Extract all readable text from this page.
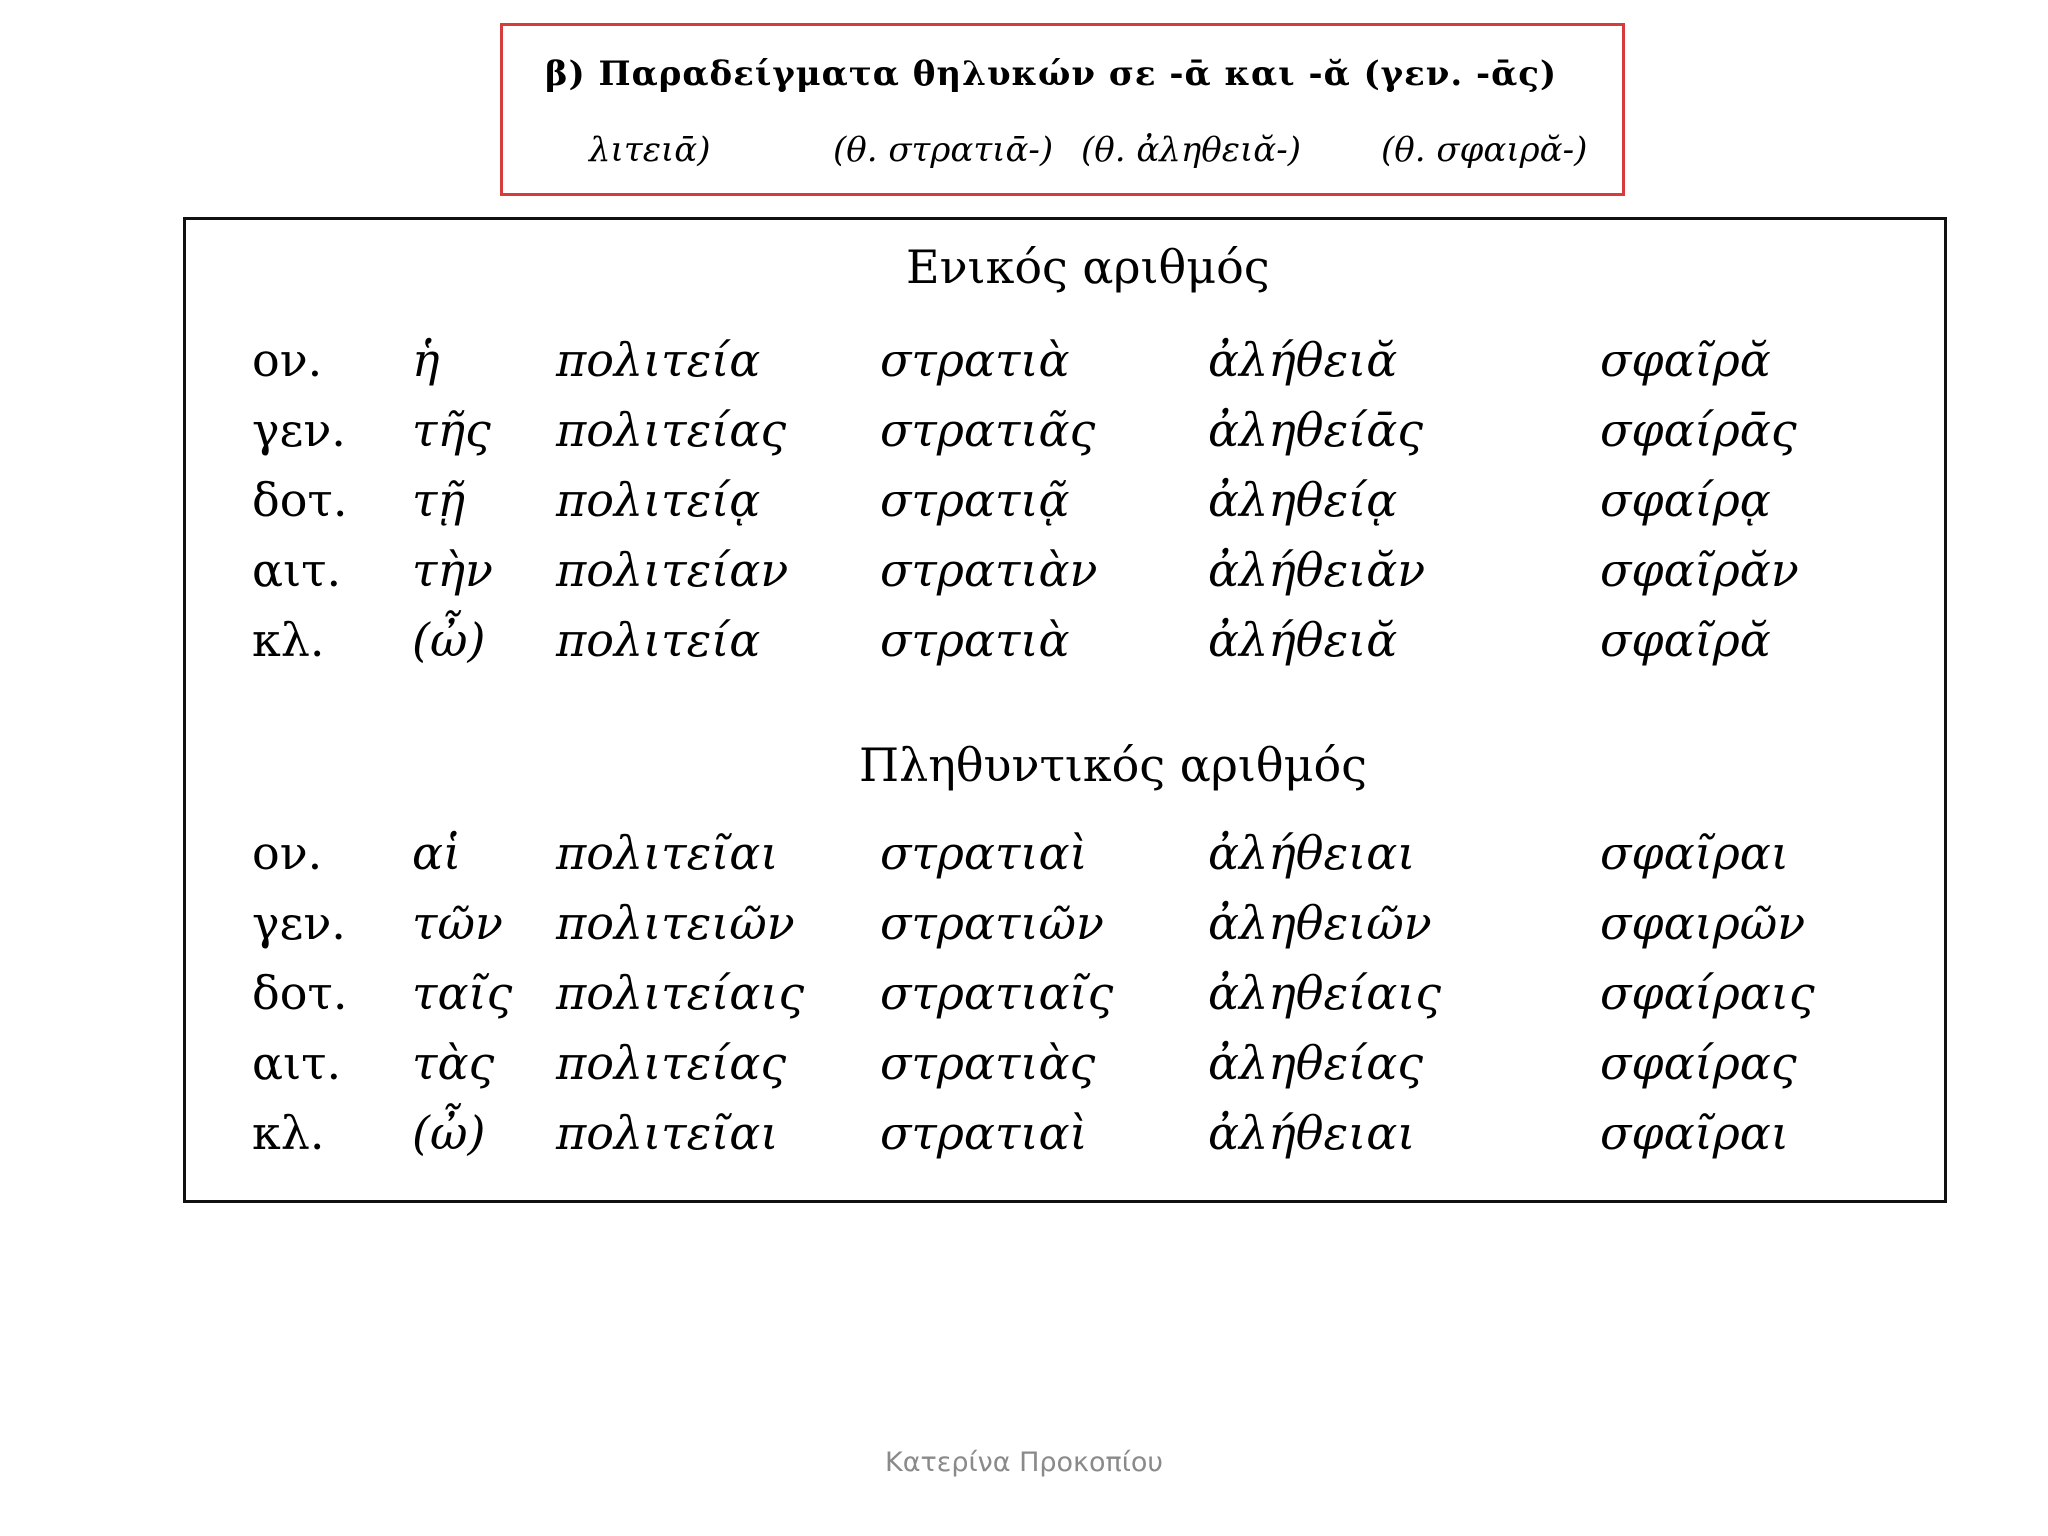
β) Παραδείγματα θηλυκών σε -ᾱ και -ᾰ (γεν. -ᾱς)
λιτειᾱ)	(θ. στρατιᾱ-) (θ. ἀληθειᾰ-) (θ. σφαιρᾰ-)
Ενικός αριθμός
ον. ἡ	πολιτεία	στρατιὰ	ἀλήθειᾰ	σφαῖρᾰ
γεν. τῆς πολιτείας στρατιᾶς ἀληθείᾱς	σφαίρᾱς
δοτ. τῇ πολιτείᾳ	στρατιᾷ	ἀληθείᾳ	σφαίρᾳ
αιτ. τὴν πολιτείαν στρατιὰν ἀλήθειᾰν	σφαῖρᾰν
κλ. (ὦ) πολιτεία	στρατιὰ	ἀλήθειᾰ	σφαῖρᾰ
Πληθυντικός αριθμός
ον. αἱ πολιτεῖαι στρατιαὶ	ἀλήθειαι	σφαῖραι
γεν. τῶν πολιτειῶν στρατιῶν ἀληθειῶν	σφαιρῶν
δοτ. ταῖς πολιτείαις στρατιαῖς ἀληθείαις	σφαίραις
αιτ. τὰς πολιτείας στρατιὰς ἀληθείας	σφαίρας
κλ. (ὦ) πολιτεῖαι στρατιαὶ	ἀλήθειαι	σφαῖραι
Κατερίνα Προκοπίου
